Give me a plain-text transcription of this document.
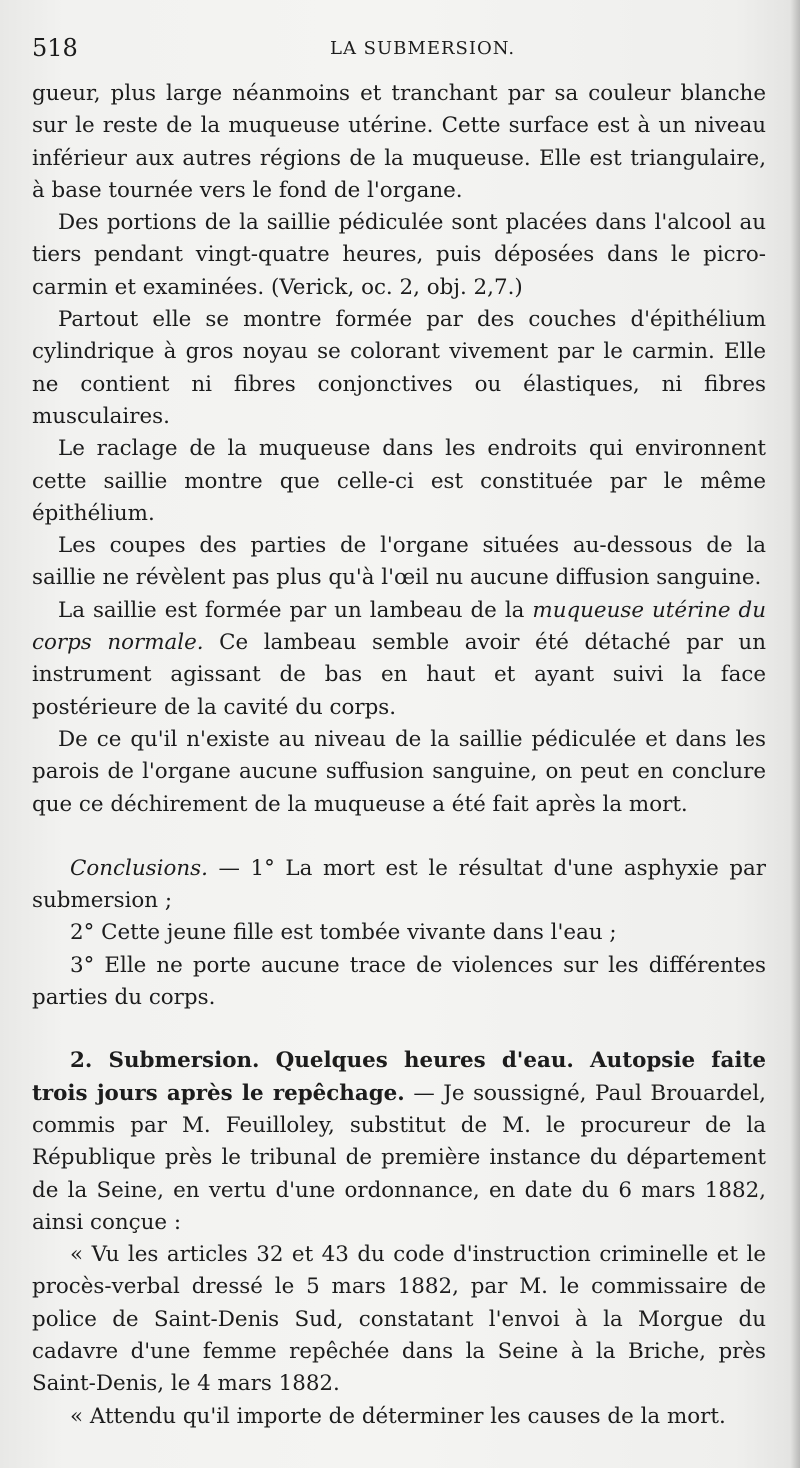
518	LA SUBMERSION.

gueur, plus large néanmoins et tranchant par sa couleur blanche sur le reste de la muqueuse utérine. Cette surface est à un niveau inférieur aux autres régions de la muqueuse. Elle est triangulaire, à base tournée vers le fond de l'organe.

Des portions de la saillie pédiculée sont placées dans l'alcool au tiers pendant vingt-quatre heures, puis déposées dans le picro-carmin et examinées. (Verick, oc. 2, obj. 2,7.)

Partout elle se montre formée par des couches d'épithélium cylindrique à gros noyau se colorant vivement par le carmin. Elle ne contient ni fibres conjonctives ou élastiques, ni fibres musculaires.

Le raclage de la muqueuse dans les endroits qui environnent cette saillie montre que celle-ci est constituée par le même épithélium.

Les coupes des parties de l'organe situées au-dessous de la saillie ne révèlent pas plus qu'à l'œil nu aucune diffusion sanguine.

La saillie est formée par un lambeau de la muqueuse utérine du corps normale. Ce lambeau semble avoir été détaché par un instrument agissant de bas en haut et ayant suivi la face postérieure de la cavité du corps.

De ce qu'il n'existe au niveau de la saillie pédiculée et dans les parois de l'organe aucune suffusion sanguine, on peut en conclure que ce déchirement de la muqueuse a été fait après la mort.

Conclusions. — 1° La mort est le résultat d'une asphyxie par submersion ;

2° Cette jeune fille est tombée vivante dans l'eau ;

3° Elle ne porte aucune trace de violences sur les différentes parties du corps.

2. Submersion. Quelques heures d'eau. Autopsie faite trois jours après le repêchage. — Je soussigné, Paul Brouardel, commis par M. Feuilloley, substitut de M. le procureur de la République près le tribunal de première instance du département de la Seine, en vertu d'une ordonnance, en date du 6 mars 1882, ainsi conçue :

« Vu les articles 32 et 43 du code d'instruction criminelle et le procès-verbal dressé le 5 mars 1882, par M. le commissaire de police de Saint-Denis Sud, constatant l'envoi à la Morgue du cadavre d'une femme repêchée dans la Seine à la Briche, près Saint-Denis, le 4 mars 1882.

« Attendu qu'il importe de déterminer les causes de la mort.
